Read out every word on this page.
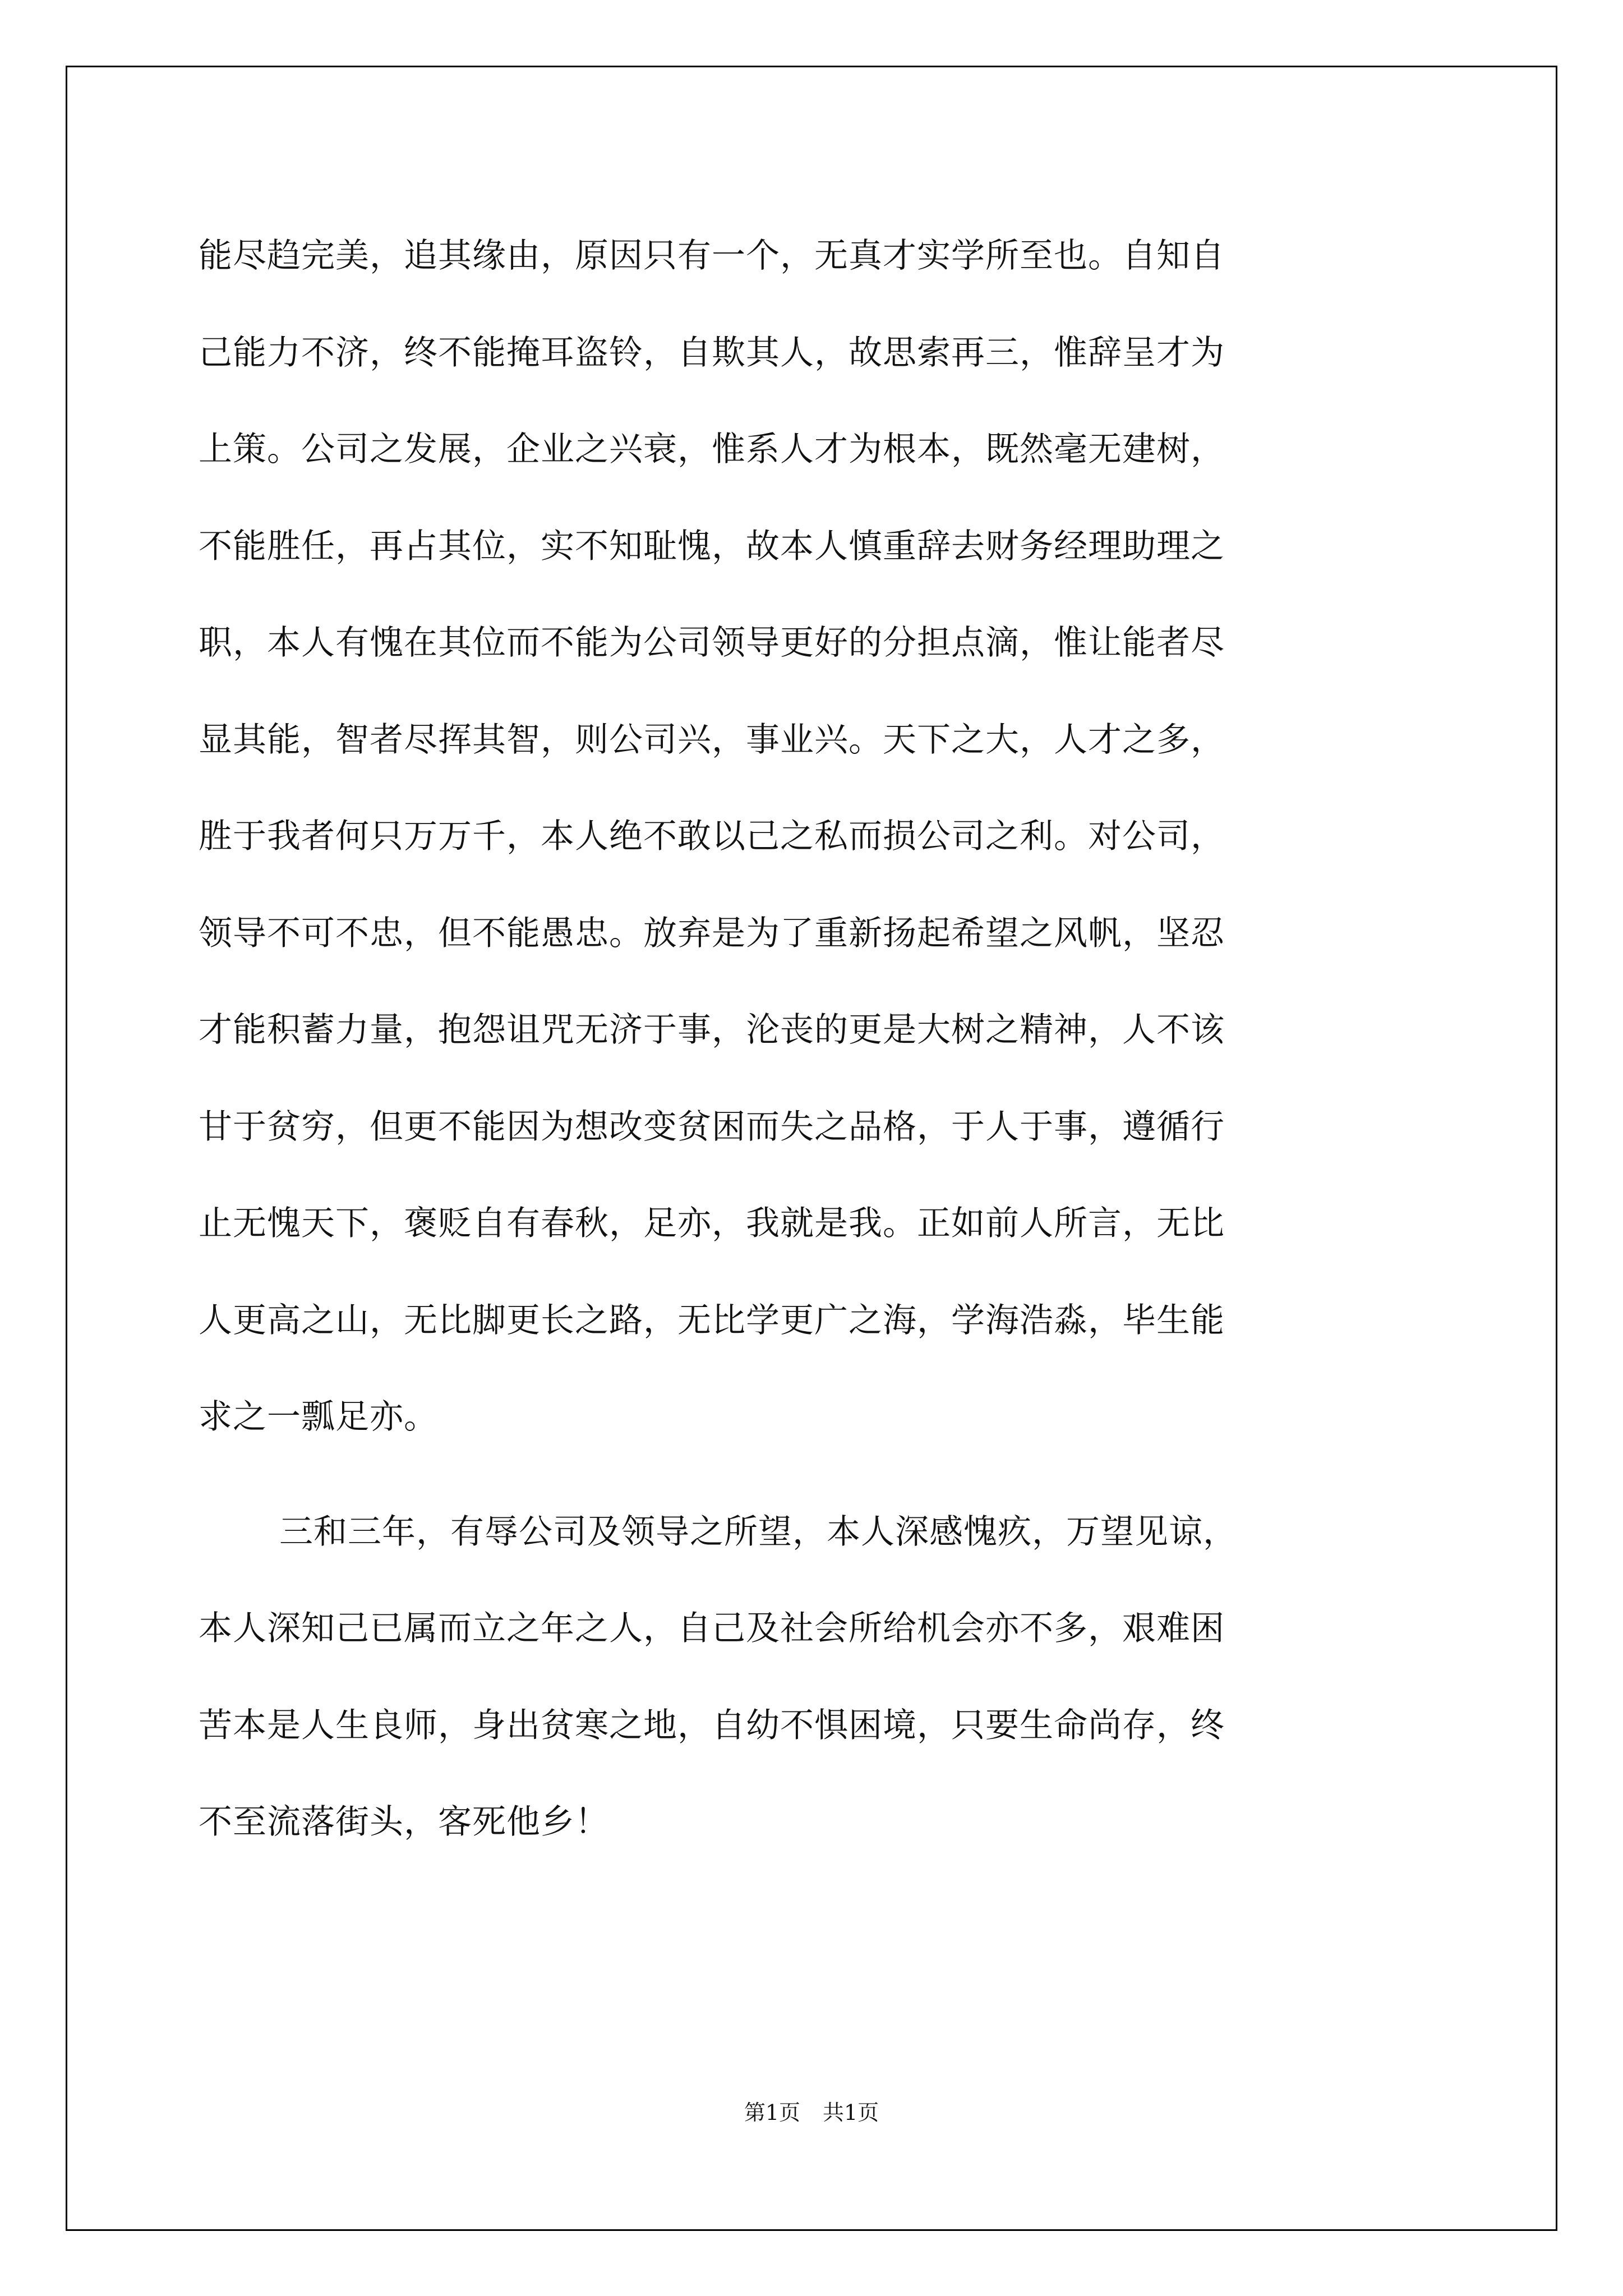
能尽趋完美，追其缘由，原因只有一个，无真才实学所至也。自知自
己能力不济，终不能掩耳盗铃，自欺其人，故思索再三，惟辞呈才为
上策。公司之发展，企业之兴衰，惟系人才为根本，既然毫无建树，
不能胜任，再占其位，实不知耻愧，故本人慎重辞去财务经理助理之
职，本人有愧在其位而不能为公司领导更好的分担点滴，惟让能者尽
显其能，智者尽挥其智，则公司兴，事业兴。天下之大，人才之多，
胜于我者何只万万千，本人绝不敢以己之私而损公司之利。对公司，
领导不可不忠，但不能愚忠。放弃是为了重新扬起希望之风帆，坚忍
才能积蓄力量，抱怨诅咒无济于事，沦丧的更是大树之精神，人不该
甘于贫穷，但更不能因为想改变贫困而失之品格，于人于事，遵循行
止无愧天下，褒贬自有春秋，足亦，我就是我。正如前人所言，无比
人更高之山，无比脚更长之路，无比学更广之海，学海浩淼，毕生能
求之一瓢足亦。

三和三年，有辱公司及领导之所望，本人深感愧疚，万望见谅，
本人深知己已属而立之年之人，自己及社会所给机会亦不多，艰难困
苦本是人生良师，身出贫寒之地，自幼不惧困境，只要生命尚存，终
不至流落街头，客死他乡！

第1页 共1页
